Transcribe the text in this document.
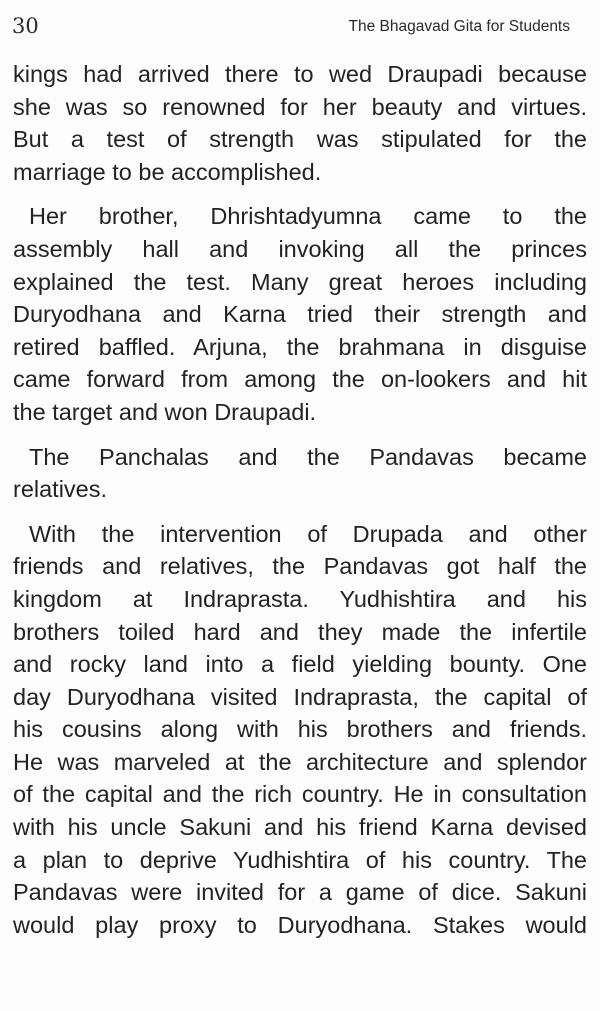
30	The Bhagavad Gita for Students
kings had arrived there to wed Draupadi because
she was so renowned for her beauty and virtues.
But a test of strength was stipulated for the
marriage to be accomplished.
Her brother, Dhrishtadyumna came to the
assembly hall and invoking all the princes
explained the test. Many great heroes including
Duryodhana and Karna tried their strength and
retired baffled. Arjuna, the brahmana in disguise
came forward from among the on-lookers and hit
the target and won Draupadi.
The Panchalas and the Pandavas became
relatives.
With the intervention of Drupada and other
friends and relatives, the Pandavas got half the
kingdom at Indraprasta. Yudhishtira and his
brothers toiled hard and they made the infertile
and rocky land into a field yielding bounty. One
day Duryodhana visited Indraprasta, the capital of
his cousins along with his brothers and friends.
He was marveled at the architecture and splendor
of the capital and the rich country. He in consultation
with his uncle Sakuni and his friend Karna devised
a plan to deprive Yudhishtira of his country. The
Pandavas were invited for a game of dice. Sakuni
would play proxy to Duryodhana. Stakes would
